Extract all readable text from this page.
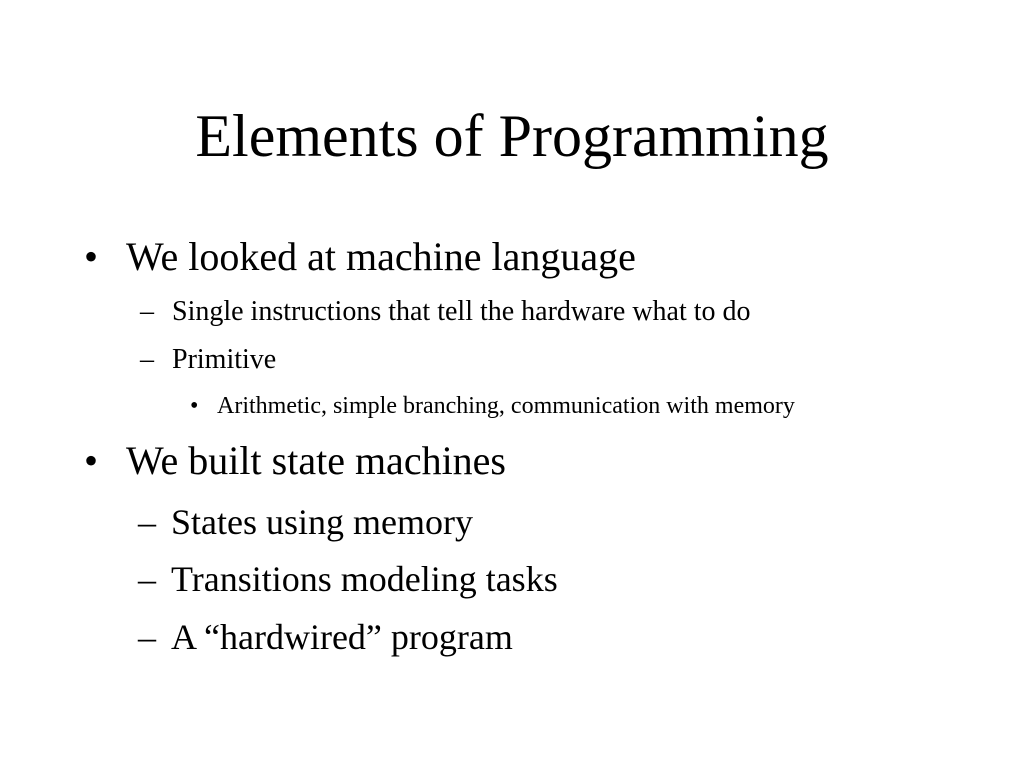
Elements of Programming
• We looked at machine language
– Single instructions that tell the hardware what to do
– Primitive
• Arithmetic, simple branching, communication with memory
• We built state machines
– States using memory
– Transitions modeling tasks
– A “hardwired” program
